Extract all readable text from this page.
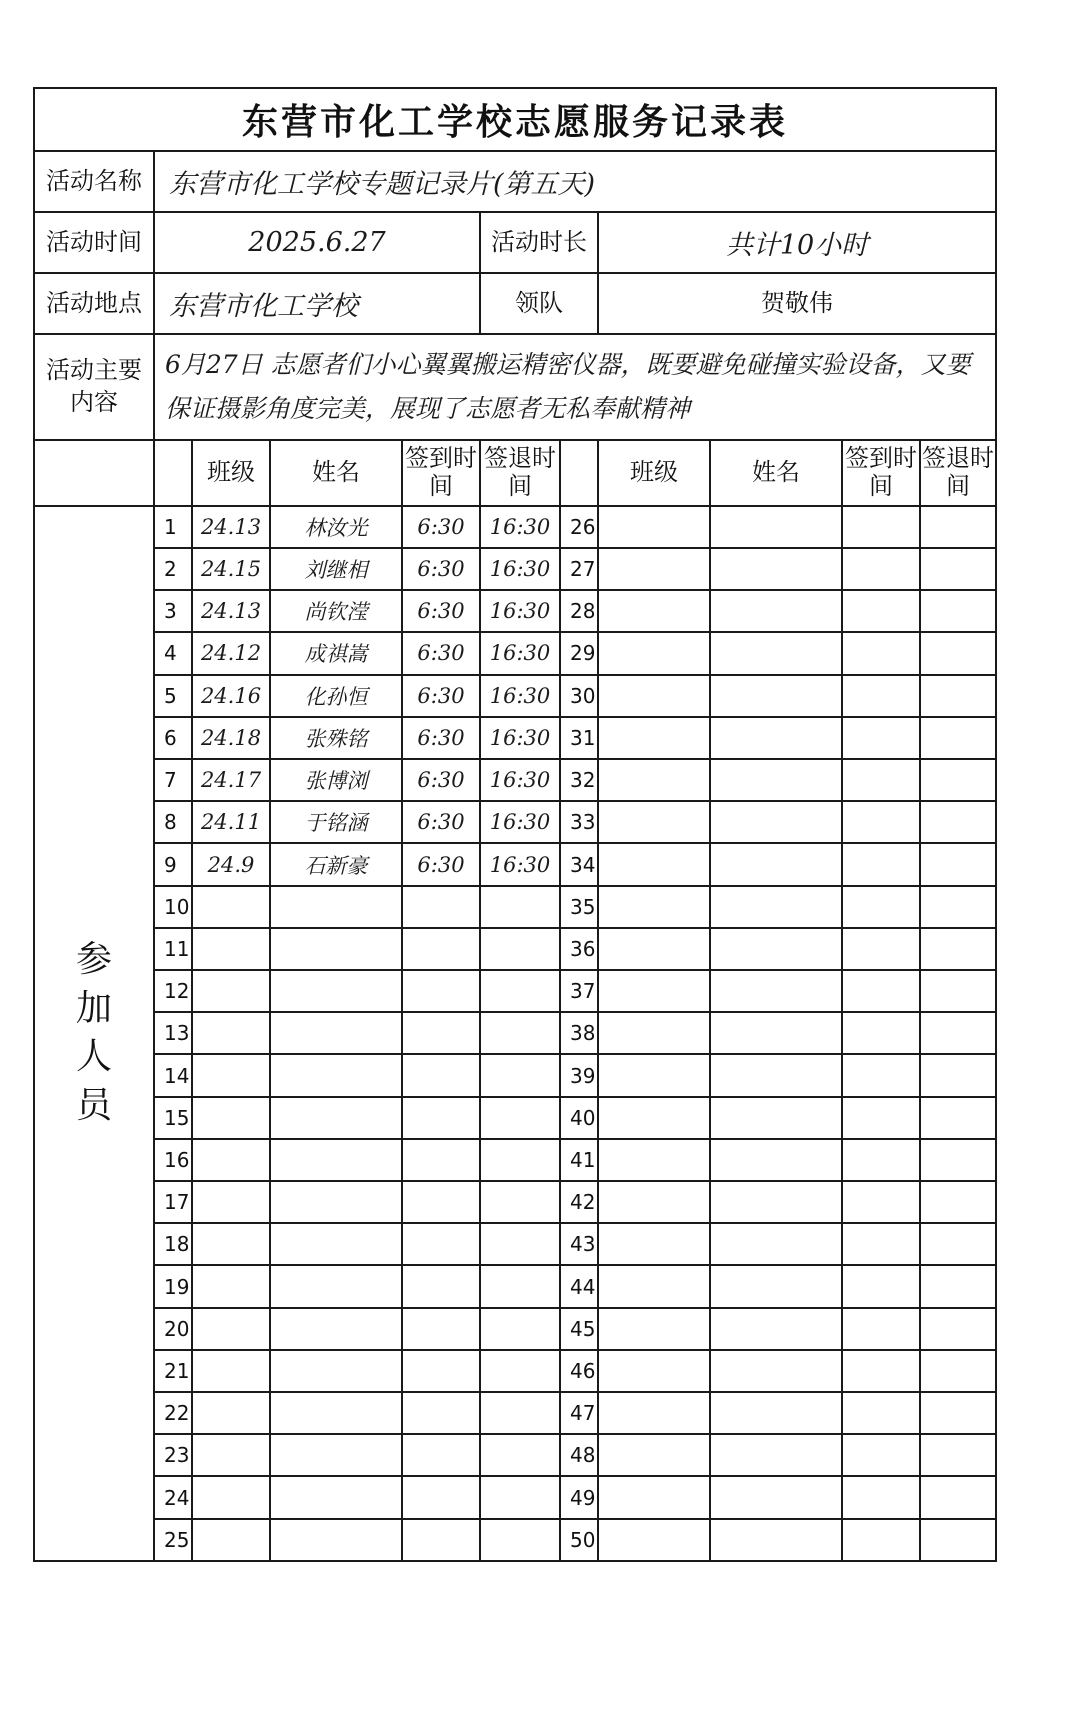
东营市化工学校志愿服务记录表										
活动名称	东营市化工学校专题记录片(第五天)									
活动时间	2025.6.27				活动时长		共计10小时			
活动地点	东营市化工学校				领队		贺敬伟			
活动主要内容	6月27日 志愿者们小心翼翼搬运精密仪器，既要避免碰撞实验设备，又要保证摄影角度完美，展现了志愿者无私奉献精神									
		班级	姓名	签到时间	签退时间		班级	姓名	签到时间	签退时间
参加人员	1	24.13	林汝光	6:30	16:30	26				
	2	24.15	刘继相	6:30	16:30	27				
	3	24.13	尚钦滢	6:30	16:30	28				
	4	24.12	成祺嵩	6:30	16:30	29				
	5	24.16	化孙恒	6:30	16:30	30				
	6	24.18	张殊铭	6:30	16:30	31				
	7	24.17	张博浏	6:30	16:30	32				
	8	24.11	于铭涵	6:30	16:30	33				
	9	24.9	石新豪	6:30	16:30	34				
	10					35				
	11					36				
	12					37				
	13					38				
	14					39				
	15					40				
	16					41				
	17					42				
	18					43				
	19					44				
	20					45				
	21					46				
	22					47				
	23					48				
	24					49				
	25					50				
